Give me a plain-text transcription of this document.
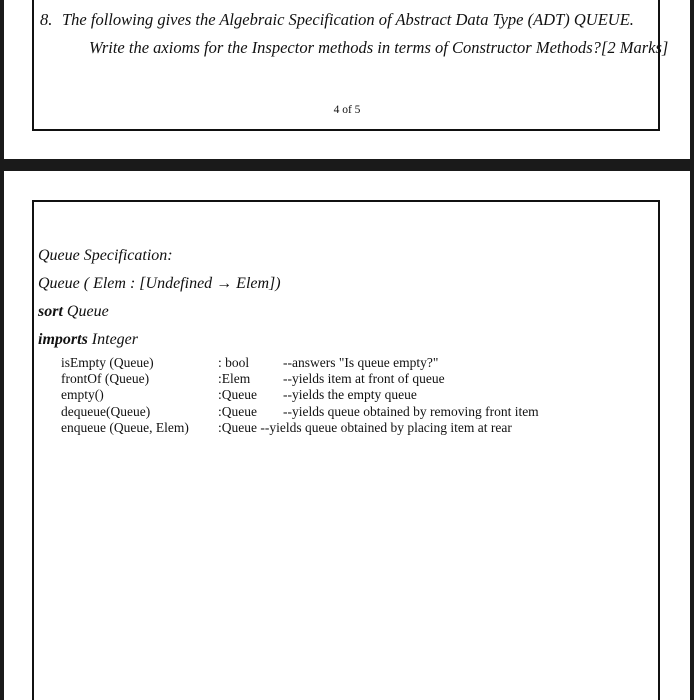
8. The following gives the Algebraic Specification of Abstract Data Type (ADT) QUEUE.
Write the axioms for the Inspector methods in terms of Constructor Methods?[2 Marks]
4 of 5
Queue Specification:
Queue ( Elem : [Undefined → Elem])
sort Queue
imports Integer
isEmpty (Queue)	: bool	--answers "Is queue empty?"
frontOf (Queue)	:Elem --yields item at front of queue
empty()	:Queue --yields the empty queue
dequeue(Queue)	:Queue --yields queue obtained by removing front item
enqueue (Queue, Elem) :Queue --yields queue obtained by placing item at rear
